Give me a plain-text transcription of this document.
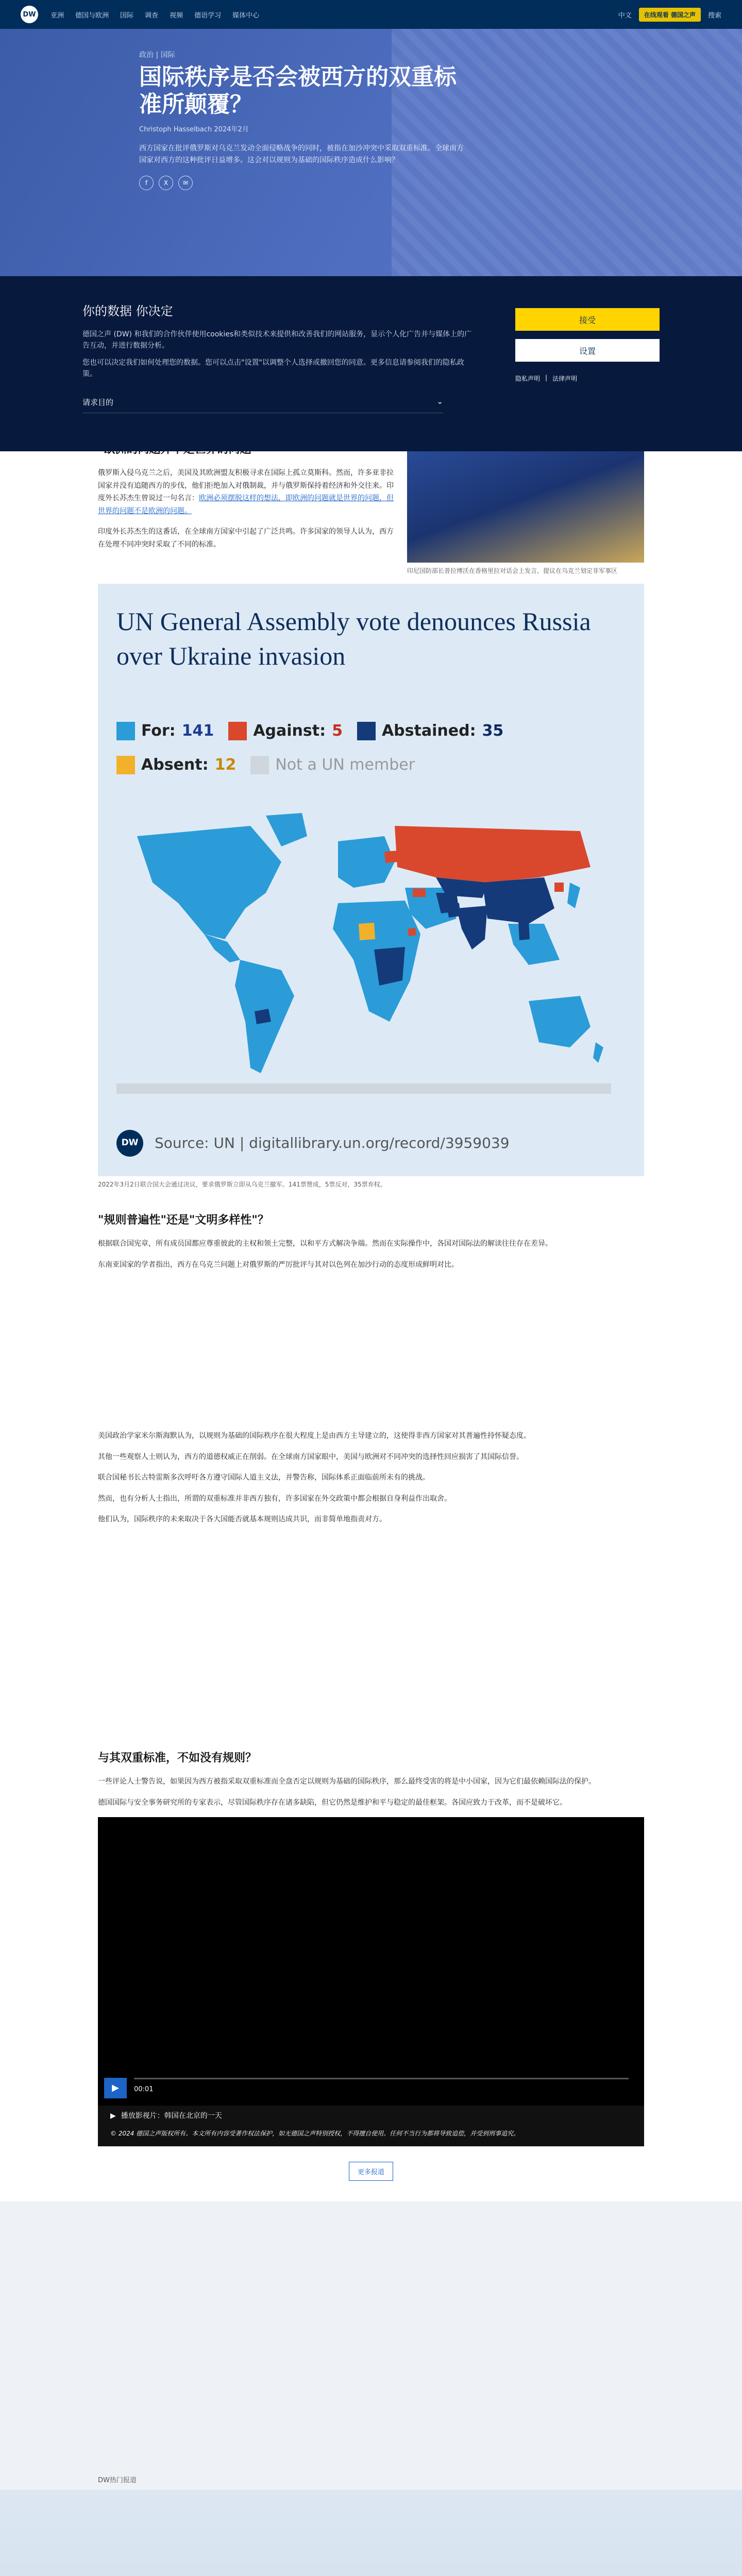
DW	亚洲 德国与欧洲 国际 调查 视频 德语学习 媒体中心	中文	在线观看 德国之声	搜索
政治 | 国际
国际秩序是否会被西方的双重标准所颠覆？
Christoph Hasselbach 2024年2月
西方国家在批评俄罗斯对乌克兰发动全面侵略战争的同时，被指在加沙冲突中采取双重标准。全球南方国家对西方的这种批评日益增多。这会对以规则为基础的国际秩序造成什么影响？
f	X	✉
你的数据 你决定

德国之声 (DW) 和我们的合作伙伴使用cookies和类似技术来提供和改善我们的网站服务，显示个人化广告并与媒体上的广告互动，并进行数据分析。

您也可以决定我们如何处理您的数据。您可以点击"设置"以调整个人选择或撤回您的同意。更多信息请参阅我们的隐私政策。

请求目的	⌄
接受
设置
隐私声明 | 法律声明

印尼国防部长普拉博沃在香格里拉对话会上发言，提议在乌克兰划定非军事区

俄罗斯入侵乌克兰之后，美国及其欧洲盟友积极寻求在国际上孤立莫斯科。然而，许多亚非拉国家并没有追随西方的步伐，他们拒绝加入对俄制裁，并与俄罗斯保持着经济和外交往来。印度外长苏杰生曾说过一句名言：欧洲必须摆脱这样的想法，即欧洲的问题就是世界的问题，但世界的问题不是欧洲的问题。

印度外长苏杰生的这番话，在全球南方国家中引起了广泛共鸣。许多国家的领导人认为，西方在处理不同冲突时采取了不同的标准。

UN General Assembly vote denounces Russia over Ukraine invasion
For: 141	Against: 5	Abstained: 35
Absent: 12	Not a UN member
DW	Source: UN | digitallibrary.un.org/record/3959039
2022年3月2日联合国大会通过决议，要求俄罗斯立即从乌克兰撤军。141票赞成，5票反对，35票弃权。
"规则普遍性"还是"文明多样性"？

根据联合国宪章，所有成员国都应尊重彼此的主权和领土完整，以和平方式解决争端。然而在实际操作中，各国对国际法的解读往往存在差异。

东南亚国家的学者指出，西方在乌克兰问题上对俄罗斯的严厉批评与其对以色列在加沙行动的态度形成鲜明对比。

美国政治学家米尔斯海默认为，以规则为基础的国际秩序在很大程度上是由西方主导建立的，这使得非西方国家对其普遍性持怀疑态度。

其他一些观察人士则认为，西方的道德权威正在削弱。在全球南方国家眼中，美国与欧洲对不同冲突的选择性回应损害了其国际信誉。

联合国秘书长古特雷斯多次呼吁各方遵守国际人道主义法，并警告称，国际体系正面临前所未有的挑战。

然而，也有分析人士指出，所谓的双重标准并非西方独有，许多国家在外交政策中都会根据自身利益作出取舍。

他们认为，国际秩序的未来取决于各大国能否就基本规则达成共识，而非简单地指责对方。

与其双重标准，不如没有规则？

一些评论人士警告说，如果因为西方被指采取双重标准而全盘否定以规则为基础的国际秩序，那么最终受害的将是中小国家，因为它们最依赖国际法的保护。

德国国际与安全事务研究所的专家表示，尽管国际秩序存在诸多缺陷，但它仍然是维护和平与稳定的最佳框架。各国应致力于改革，而不是破坏它。

▶	00:01
▶ 播放影视片：韩国在北京的一天
© 2024 德国之声版权所有。本文所有内容受著作权法保护，如无德国之声特别授权，不得擅自使用。任何不当行为都将导致追偿，并受到刑事追究。
更多报道
DW热门报道
